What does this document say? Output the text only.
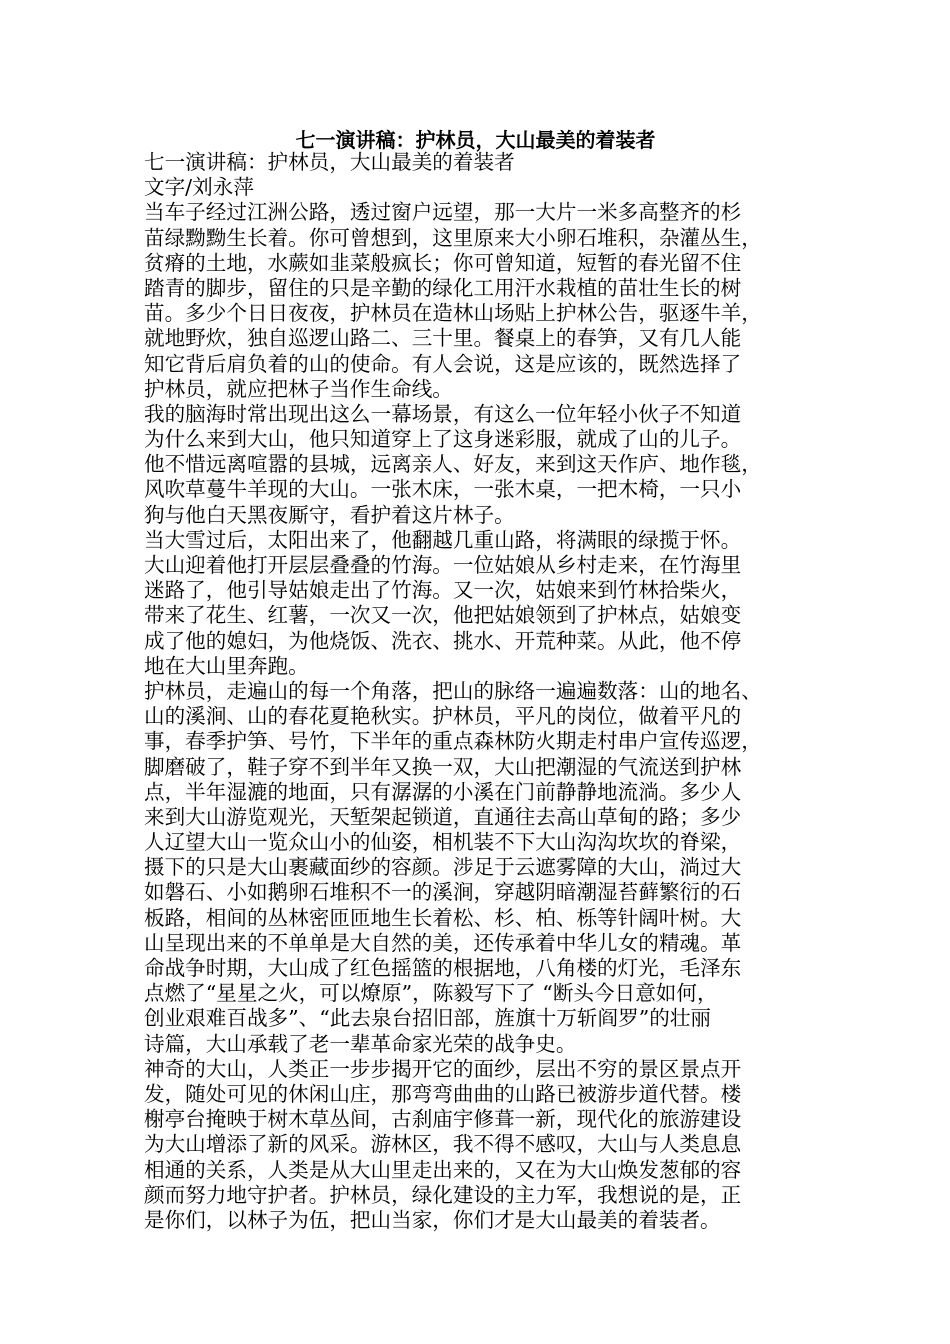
七一演讲稿：护林员，大山最美的着装者
七一演讲稿：护林员，大山最美的着装者
文字/刘永萍
当车子经过江洲公路，透过窗户远望，那一大片一米多高整齐的杉
苗绿黝黝生长着。你可曾想到，这里原来大小卵石堆积，杂灌丛生，
贫瘠的土地，水蕨如韭菜般疯长；你可曾知道，短暂的春光留不住
踏青的脚步，留住的只是辛勤的绿化工用汗水栽植的苗壮生长的树
苗。多少个日日夜夜，护林员在造林山场贴上护林公告，驱逐牛羊，
就地野炊，独自巡逻山路二、三十里。餐桌上的春笋，又有几人能
知它背后肩负着的山的使命。有人会说，这是应该的，既然选择了
护林员，就应把林子当作生命线。
我的脑海时常出现出这么一幕场景，有这么一位年轻小伙子不知道
为什么来到大山，他只知道穿上了这身迷彩服，就成了山的儿子。
他不惜远离喧嚣的县城，远离亲人、好友，来到这天作庐、地作毯，
风吹草蔓牛羊现的大山。一张木床，一张木桌，一把木椅，一只小
狗与他白天黑夜厮守，看护着这片林子。
当大雪过后，太阳出来了，他翻越几重山路，将满眼的绿揽于怀。
大山迎着他打开层层叠叠的竹海。一位姑娘从乡村走来，在竹海里
迷路了，他引导姑娘走出了竹海。又一次，姑娘来到竹林拾柴火，
带来了花生、红薯，一次又一次，他把姑娘领到了护林点，姑娘变
成了他的媳妇，为他烧饭、洗衣、挑水、开荒种菜。从此，他不停
地在大山里奔跑。
护林员，走遍山的每一个角落，把山的脉络一遍遍数落：山的地名、
山的溪涧、山的春花夏艳秋实。护林员，平凡的岗位，做着平凡的
事，春季护笋、号竹，下半年的重点森林防火期走村串户宣传巡逻，
脚磨破了，鞋子穿不到半年又换一双，大山把潮湿的气流送到护林
点，半年湿漉的地面，只有潺潺的小溪在门前静静地流淌。多少人
来到大山游览观光，天堑架起锁道，直通往去高山草甸的路；多少
人辽望大山一览众山小的仙姿，相机装不下大山沟沟坎坎的脊梁，
摄下的只是大山裹藏面纱的容颜。涉足于云遮雾障的大山，淌过大
如磐石、小如鹅卵石堆积不一的溪涧，穿越阴暗潮湿苔藓繁衍的石
板路，相间的丛林密匝匝地生长着松、杉、柏、栎等针阔叶树。大
山呈现出来的不单单是大自然的美，还传承着中华儿女的精魂。革
命战争时期，大山成了红色摇篮的根据地，八角楼的灯光，毛泽东
点燃了“星星之火，可以燎原”，陈毅写下了 “断头今日意如何，
创业艰难百战多”、“此去泉台招旧部，旌旗十万斩阎罗”的壮丽
诗篇，大山承载了老一辈革命家光荣的战争史。
神奇的大山，人类正一步步揭开它的面纱，层出不穷的景区景点开
发，随处可见的休闲山庄，那弯弯曲曲的山路已被游步道代替。楼
榭亭台掩映于树木草丛间，古刹庙宇修葺一新，现代化的旅游建设
为大山增添了新的风采。游林区，我不得不感叹，大山与人类息息
相通的关系，人类是从大山里走出来的，又在为大山焕发葱郁的容
颜而努力地守护者。护林员，绿化建设的主力军，我想说的是，正
是你们，以林子为伍，把山当家，你们才是大山最美的着装者。
